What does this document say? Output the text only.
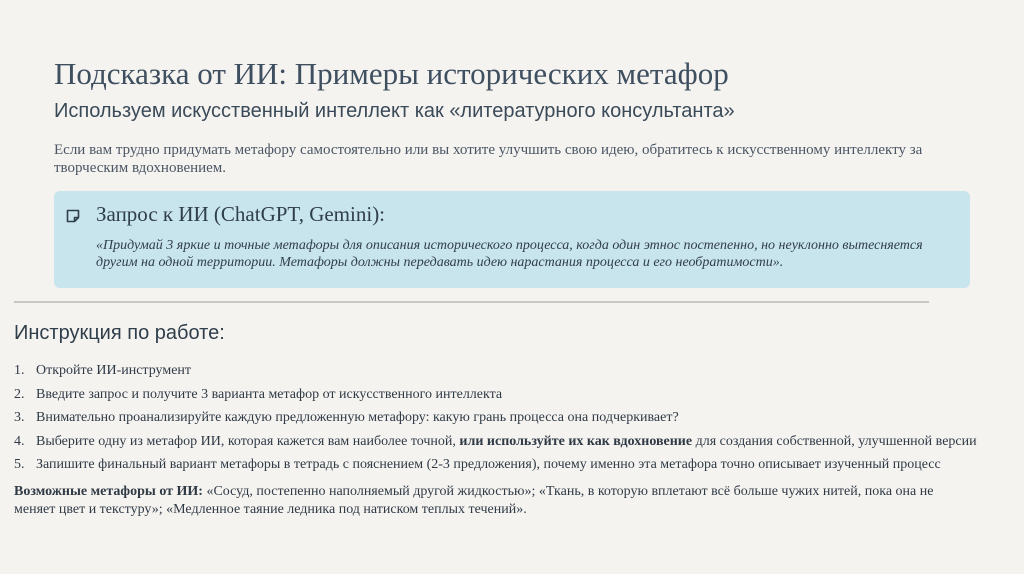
Подсказка от ИИ: Примеры исторических метафор
Используем искусственный интеллект как «литературного консультанта»
Если вам трудно придумать метафору самостоятельно или вы хотите улучшить свою идею, обратитесь к искусственному интеллекту за творческим вдохновением.
Запрос к ИИ (ChatGPT, Gemini):
«Придумай 3 яркие и точные метафоры для описания исторического процесса, когда один этнос постепенно, но неуклонно вытесняется другим на одной территории. Метафоры должны передавать идею нарастания процесса и его необратимости».
Инструкция по работе:
1. Откройте ИИ-инструмент
2. Введите запрос и получите 3 варианта метафор от искусственного интеллекта
3. Внимательно проанализируйте каждую предложенную метафору: какую грань процесса она подчеркивает?
4. Выберите одну из метафор ИИ, которая кажется вам наиболее точной, или используйте их как вдохновение для создания собственной, улучшенной версии
5. Запишите финальный вариант метафоры в тетрадь с пояснением (2-3 предложения), почему именно эта метафора точно описывает изученный процесс
Возможные метафоры от ИИ: «Сосуд, постепенно наполняемый другой жидкостью»; «Ткань, в которую вплетают всё больше чужих нитей, пока она не меняет цвет и текстуру»; «Медленное таяние ледника под натиском теплых течений».
